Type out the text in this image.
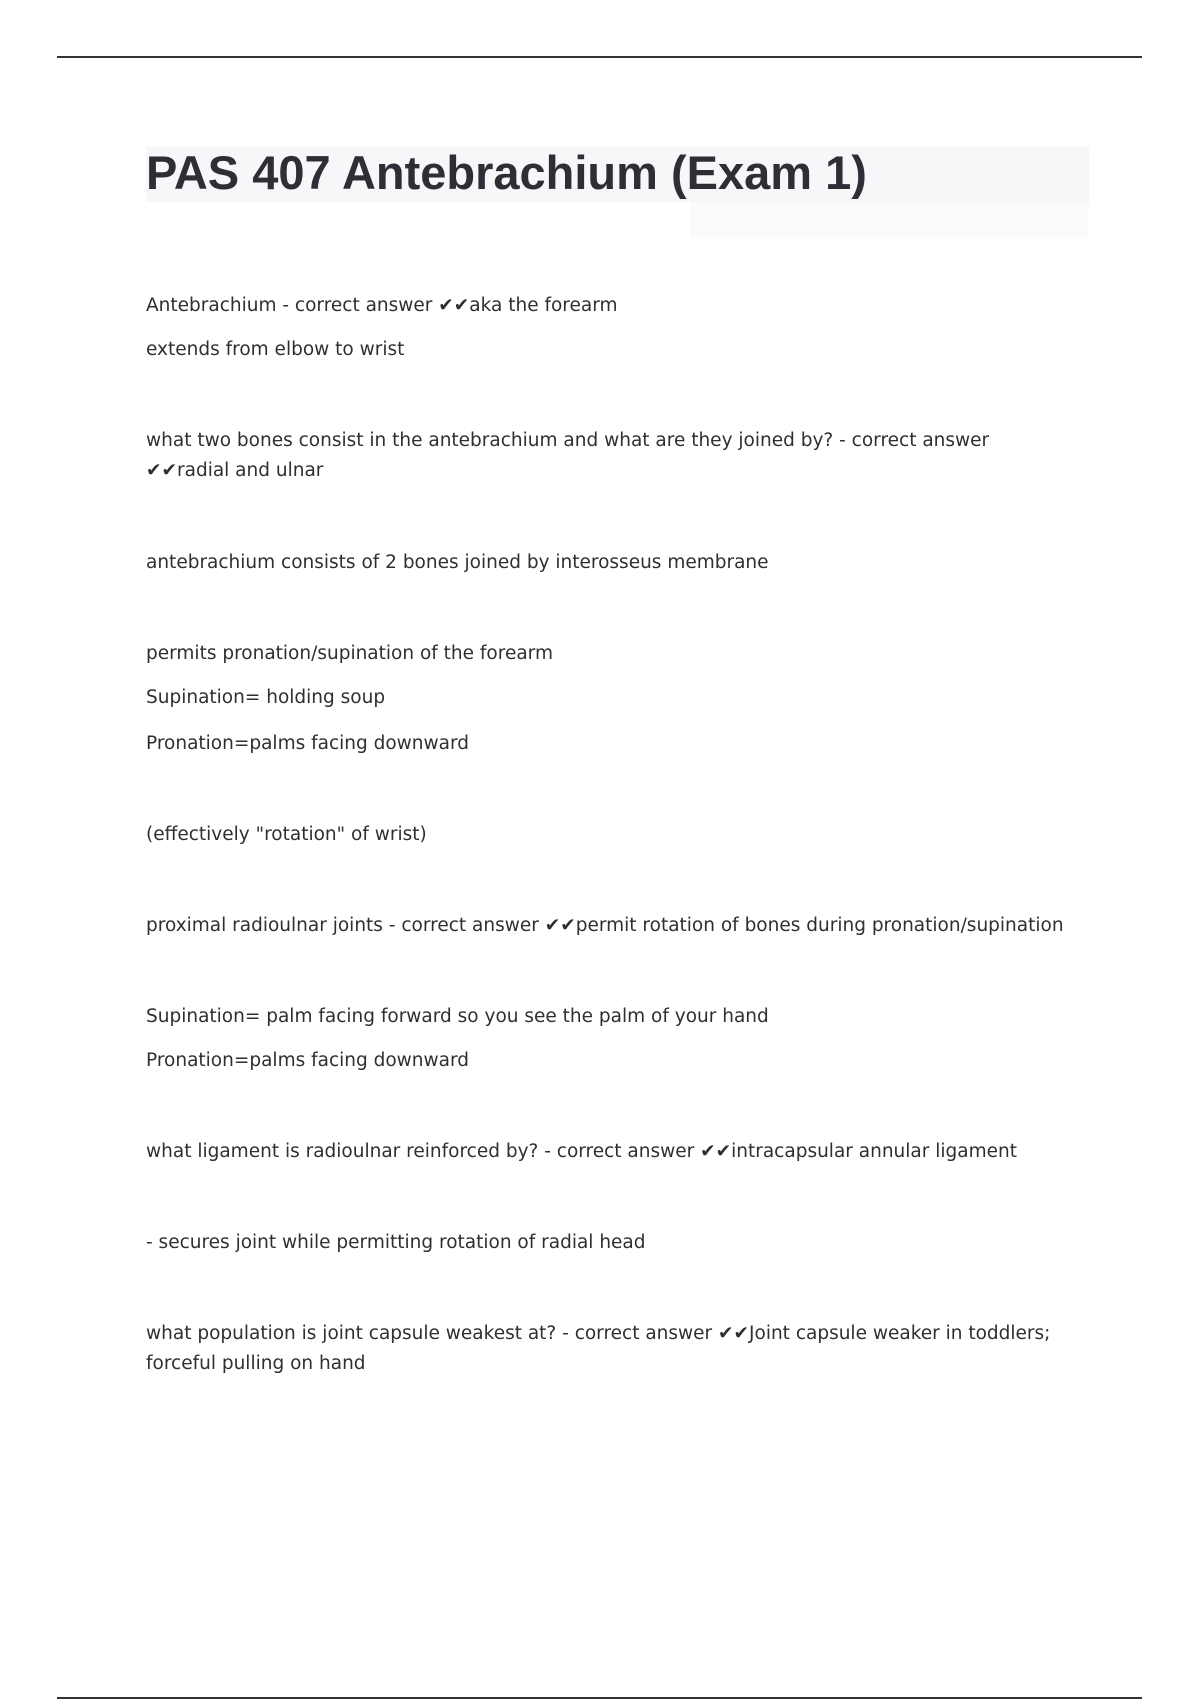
PAS 407 Antebrachium (Exam 1)

Antebrachium - correct answer ✔✔aka the forearm

extends from elbow to wrist

what two bones consist in the antebrachium and what are they joined by? - correct answer ✔✔radial and ulnar

antebrachium consists of 2 bones joined by interosseus membrane

permits pronation/supination of the forearm

Supination= holding soup

Pronation=palms facing downward

(effectively "rotation" of wrist)

proximal radioulnar joints - correct answer ✔✔permit rotation of bones during pronation/supination

Supination= palm facing forward so you see the palm of your hand

Pronation=palms facing downward

what ligament is radioulnar reinforced by? - correct answer ✔✔intracapsular annular ligament

- secures joint while permitting rotation of radial head

what population is joint capsule weakest at? - correct answer ✔✔Joint capsule weaker in toddlers; forceful pulling on hand
